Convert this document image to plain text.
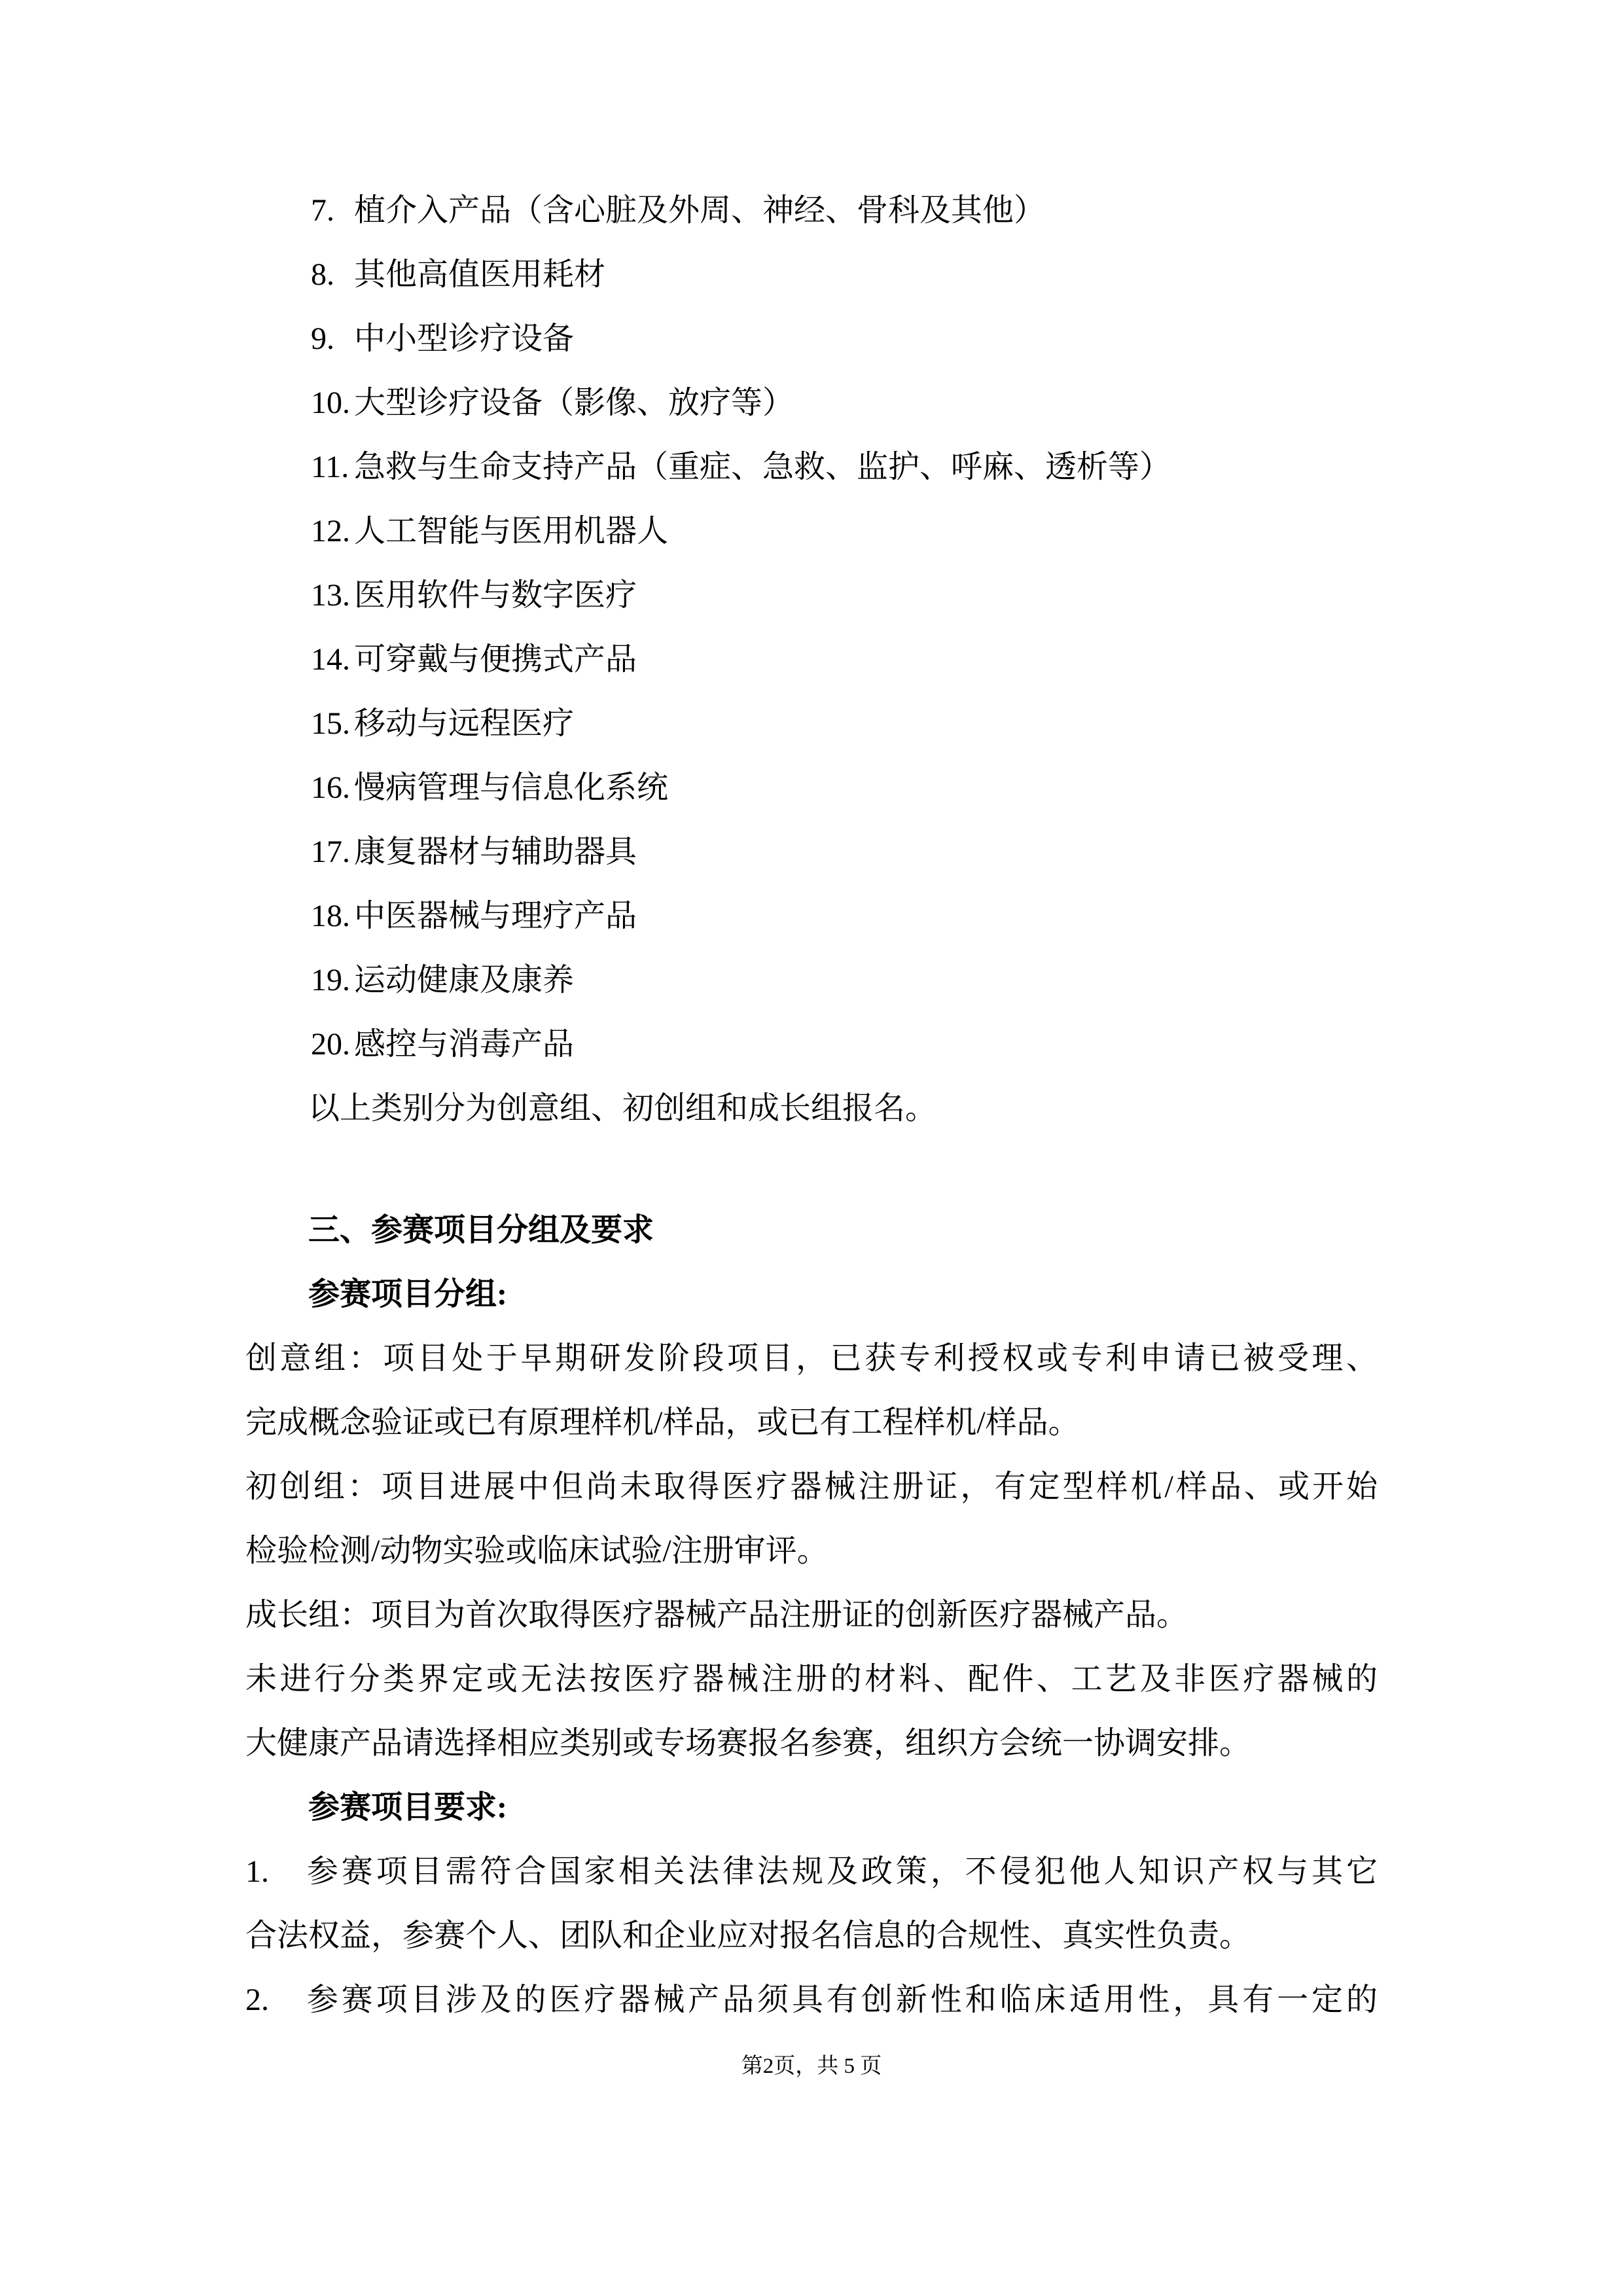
7. 植介入产品（含心脏及外周、神经、骨科及其他）
8. 其他高值医用耗材
9. 中小型诊疗设备
10. 大型诊疗设备（影像、放疗等）
11. 急救与生命支持产品（重症、急救、监护、呼麻、透析等）
12. 人工智能与医用机器人
13. 医用软件与数字医疗
14. 可穿戴与便携式产品
15. 移动与远程医疗
16. 慢病管理与信息化系统
17. 康复器材与辅助器具
18. 中医器械与理疗产品
19. 运动健康及康养
20. 感控与消毒产品
以上类别分为创意组、初创组和成长组报名。
三、参赛项目分组及要求
参赛项目分组:
创意组：项目处于早期研发阶段项目，已获专利授权或专利申请已被受理、
完成概念验证或已有原理样机/样品，或已有工程样机/样品。
初创组：项目进展中但尚未取得医疗器械注册证，有定型样机/样品、或开始
检验检测/动物实验或临床试验/注册审评。
成长组：项目为首次取得医疗器械产品注册证的创新医疗器械产品。
未进行分类界定或无法按医疗器械注册的材料、配件、工艺及非医疗器械的
大健康产品请选择相应类别或专场赛报名参赛，组织方会统一协调安排。
参赛项目要求:
1.　参赛项目需符合国家相关法律法规及政策，不侵犯他人知识产权与其它
合法权益，参赛个人、团队和企业应对报名信息的合规性、真实性负责。
2.　参赛项目涉及的医疗器械产品须具有创新性和临床适用性，具有一定的
第2页，共 5 页
